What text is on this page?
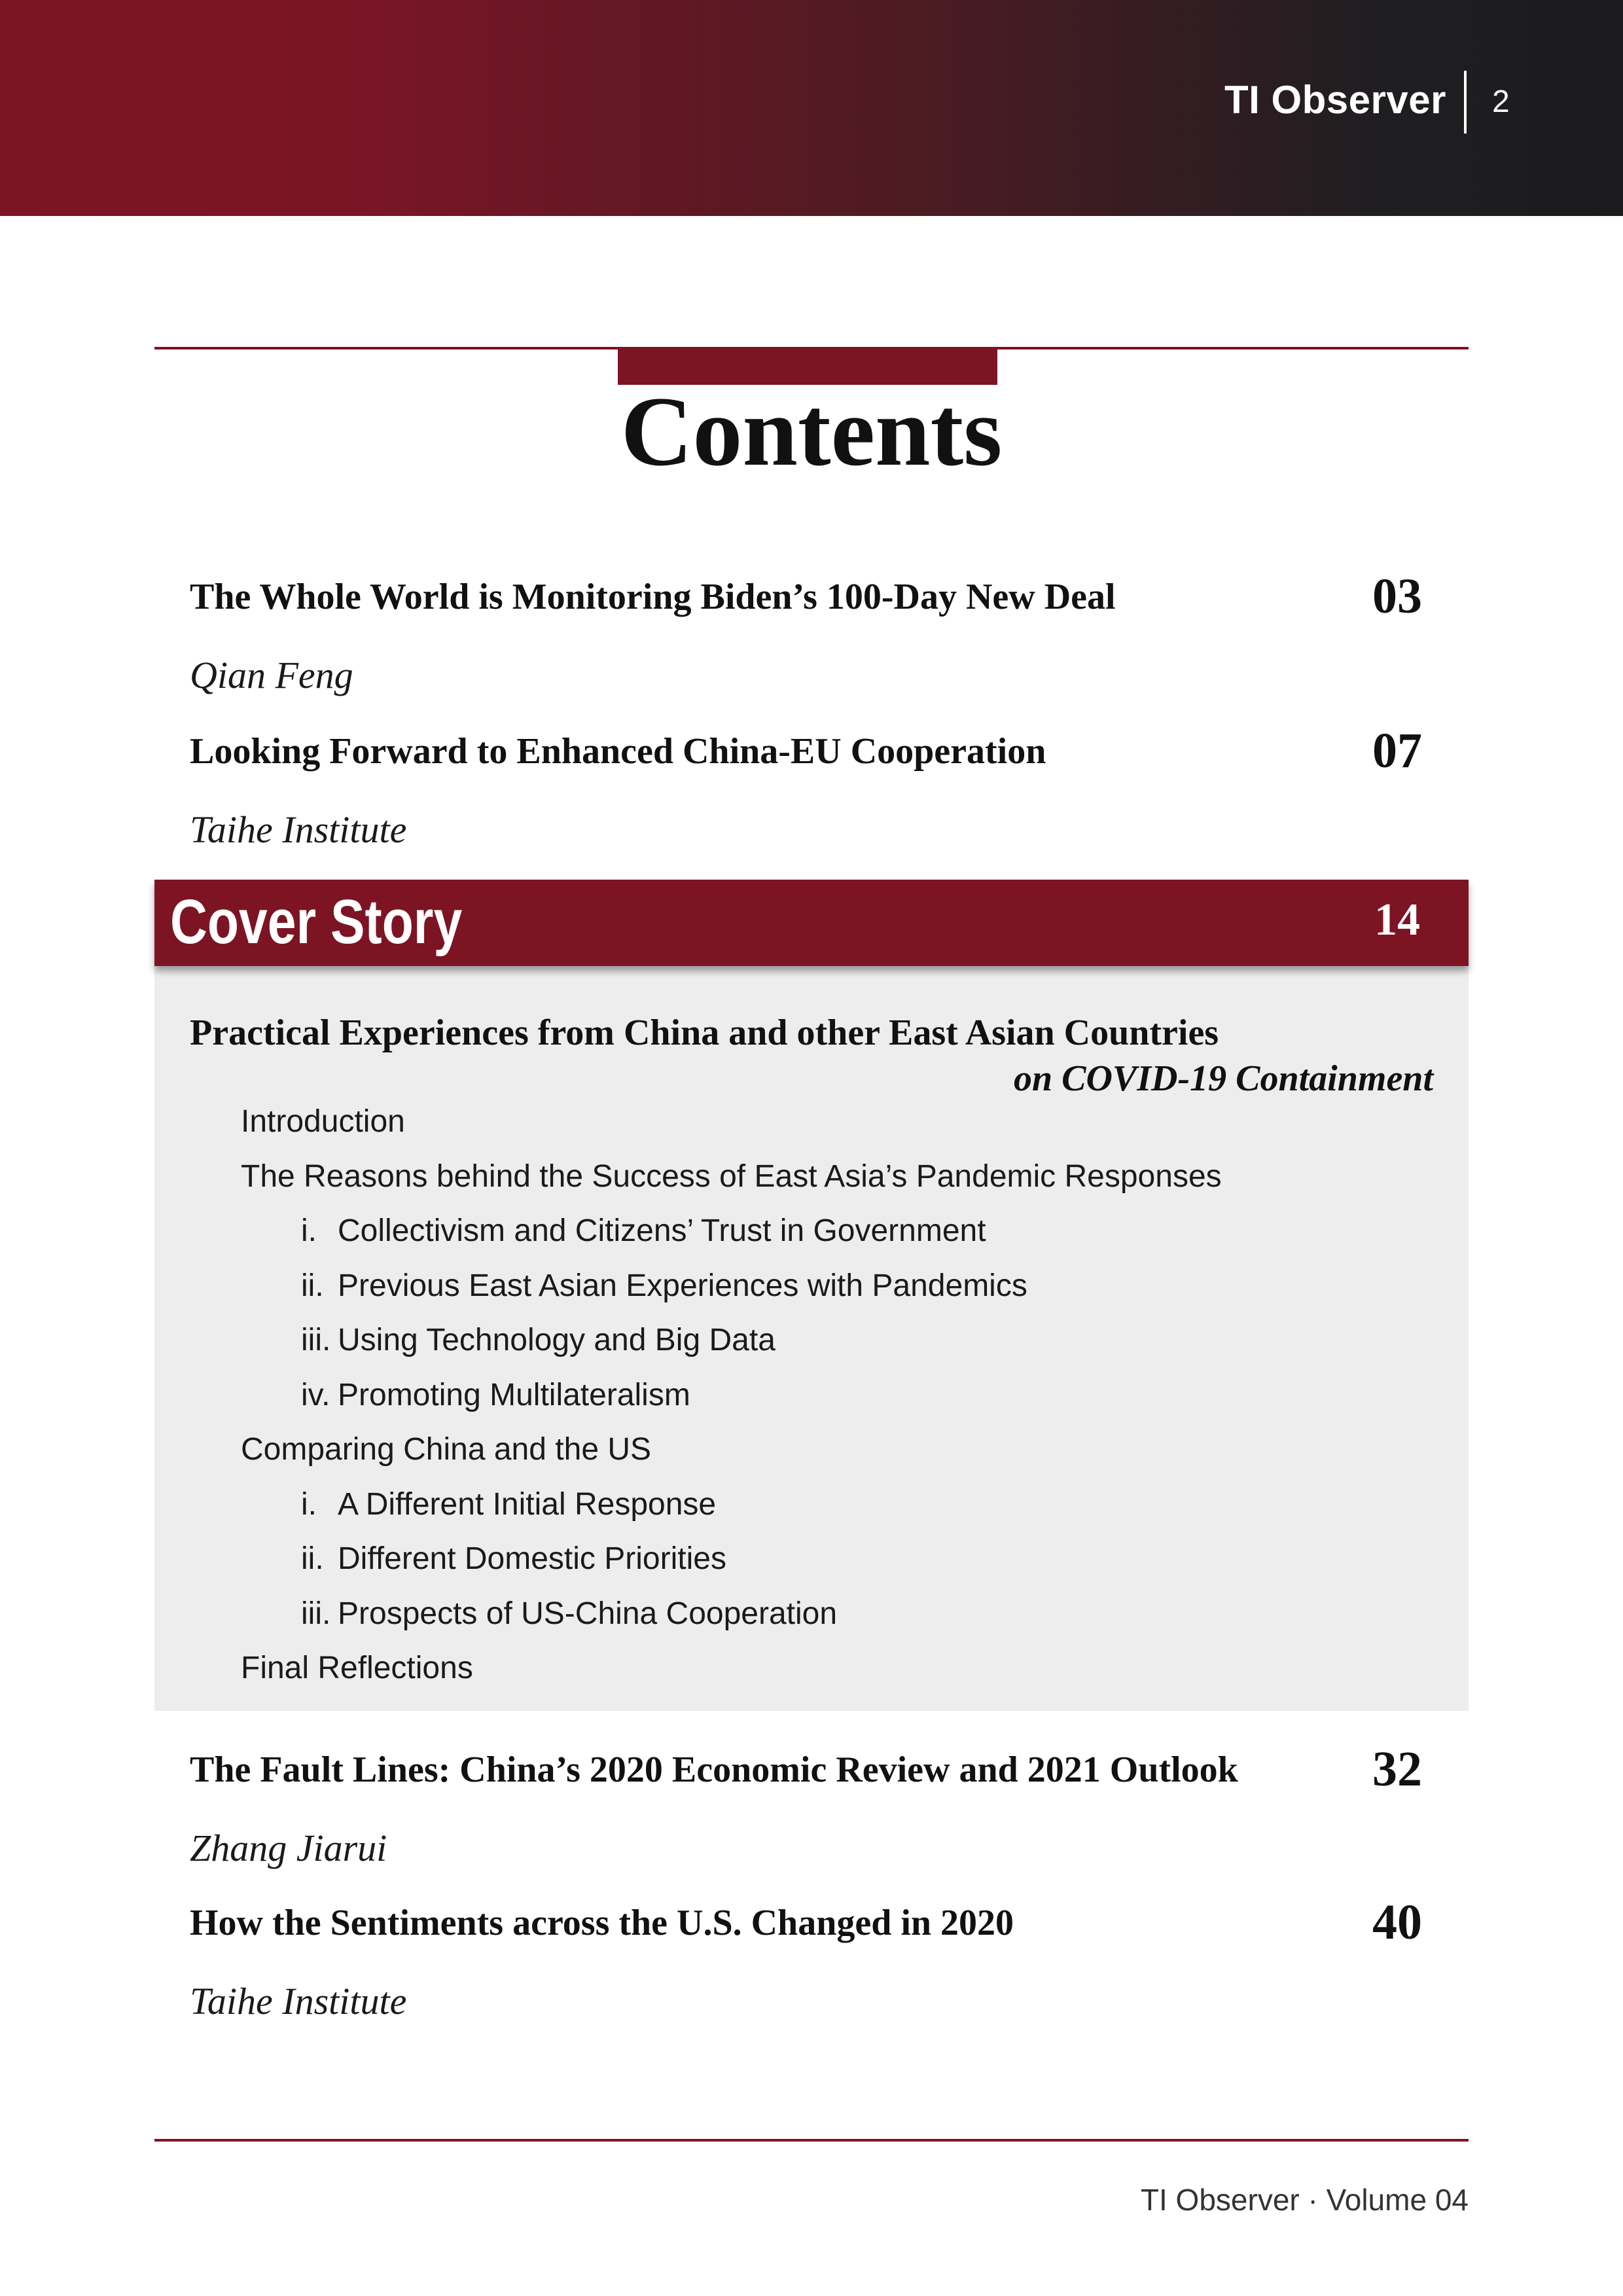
TI Observer 2
Contents
The Whole World is Monitoring Biden’s 100-Day New Deal	03
Qian Feng
Looking Forward to Enhanced China-EU Cooperation	07
Taihe Institute
Cover Story	14
Practical Experiences from China and other East Asian Countries
on COVID-19 Containment
Introduction
The Reasons behind the Success of East Asia’s Pandemic Responses
i. Collectivism and Citizens’ Trust in Government
ii. Previous East Asian Experiences with Pandemics
iii. Using Technology and Big Data
iv. Promoting Multilateralism
Comparing China and the US
i. A Different Initial Response
ii. Different Domestic Priorities
iii. Prospects of US-China Cooperation
Final Reflections
The Fault Lines: China’s 2020 Economic Review and 2021 Outlook	32
Zhang Jiarui
How the Sentiments across the U.S. Changed in 2020	40
Taihe Institute
TI Observer · Volume 04
